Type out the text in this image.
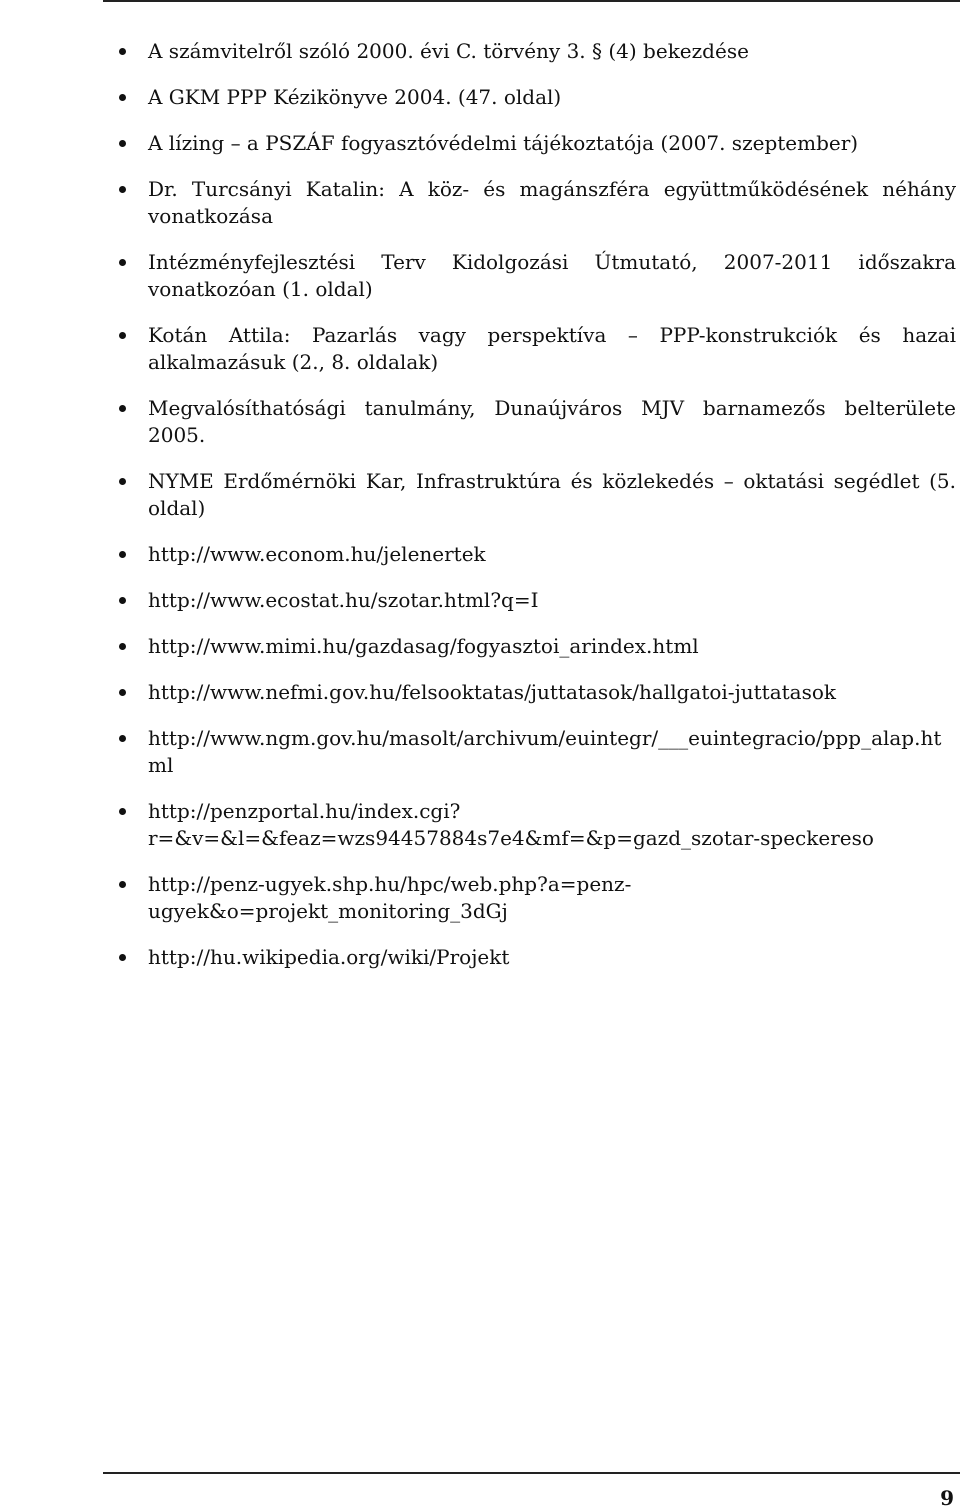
A számvitelről szóló 2000. évi C. törvény 3. § (4) bekezdése
A GKM PPP Kézikönyve 2004. (47. oldal)
A lízing – a PSZÁF fogyasztóvédelmi tájékoztatója (2007. szeptember)
Dr. Turcsányi Katalin: A köz- és magánszféra együttműködésének néhány vonatkozása
Intézményfejlesztési Terv Kidolgozási Útmutató, 2007-2011 időszakra vonatkozóan (1. oldal)
Kotán Attila: Pazarlás vagy perspektíva – PPP-konstrukciók és hazai alkalmazásuk (2., 8. oldalak)
Megvalósíthatósági tanulmány, Dunaújváros MJV barnamezős belterülete 2005.
NYME Erdőmérnöki Kar, Infrastruktúra és közlekedés – oktatási segédlet (5. oldal)
http://www.econom.hu/jelenertek
http://www.ecostat.hu/szotar.html?q=I
http://www.mimi.hu/gazdasag/fogyasztoi_arindex.html
http://www.nefmi.gov.hu/felsooktatas/juttatasok/hallgatoi-juttatasok
http://www.ngm.gov.hu/masolt/archivum/euintegr/___euintegracio/ppp_alap.html
http://penzportal.hu/index.cgi?r=&v=&l=&feaz=wzs94457884s7e4&mf=&p=gazd_szotar-speckereso
http://penz-ugyek.shp.hu/hpc/web.php?a=penz-ugyek&o=projekt_monitoring_3dGj
http://hu.wikipedia.org/wiki/Projekt
9
